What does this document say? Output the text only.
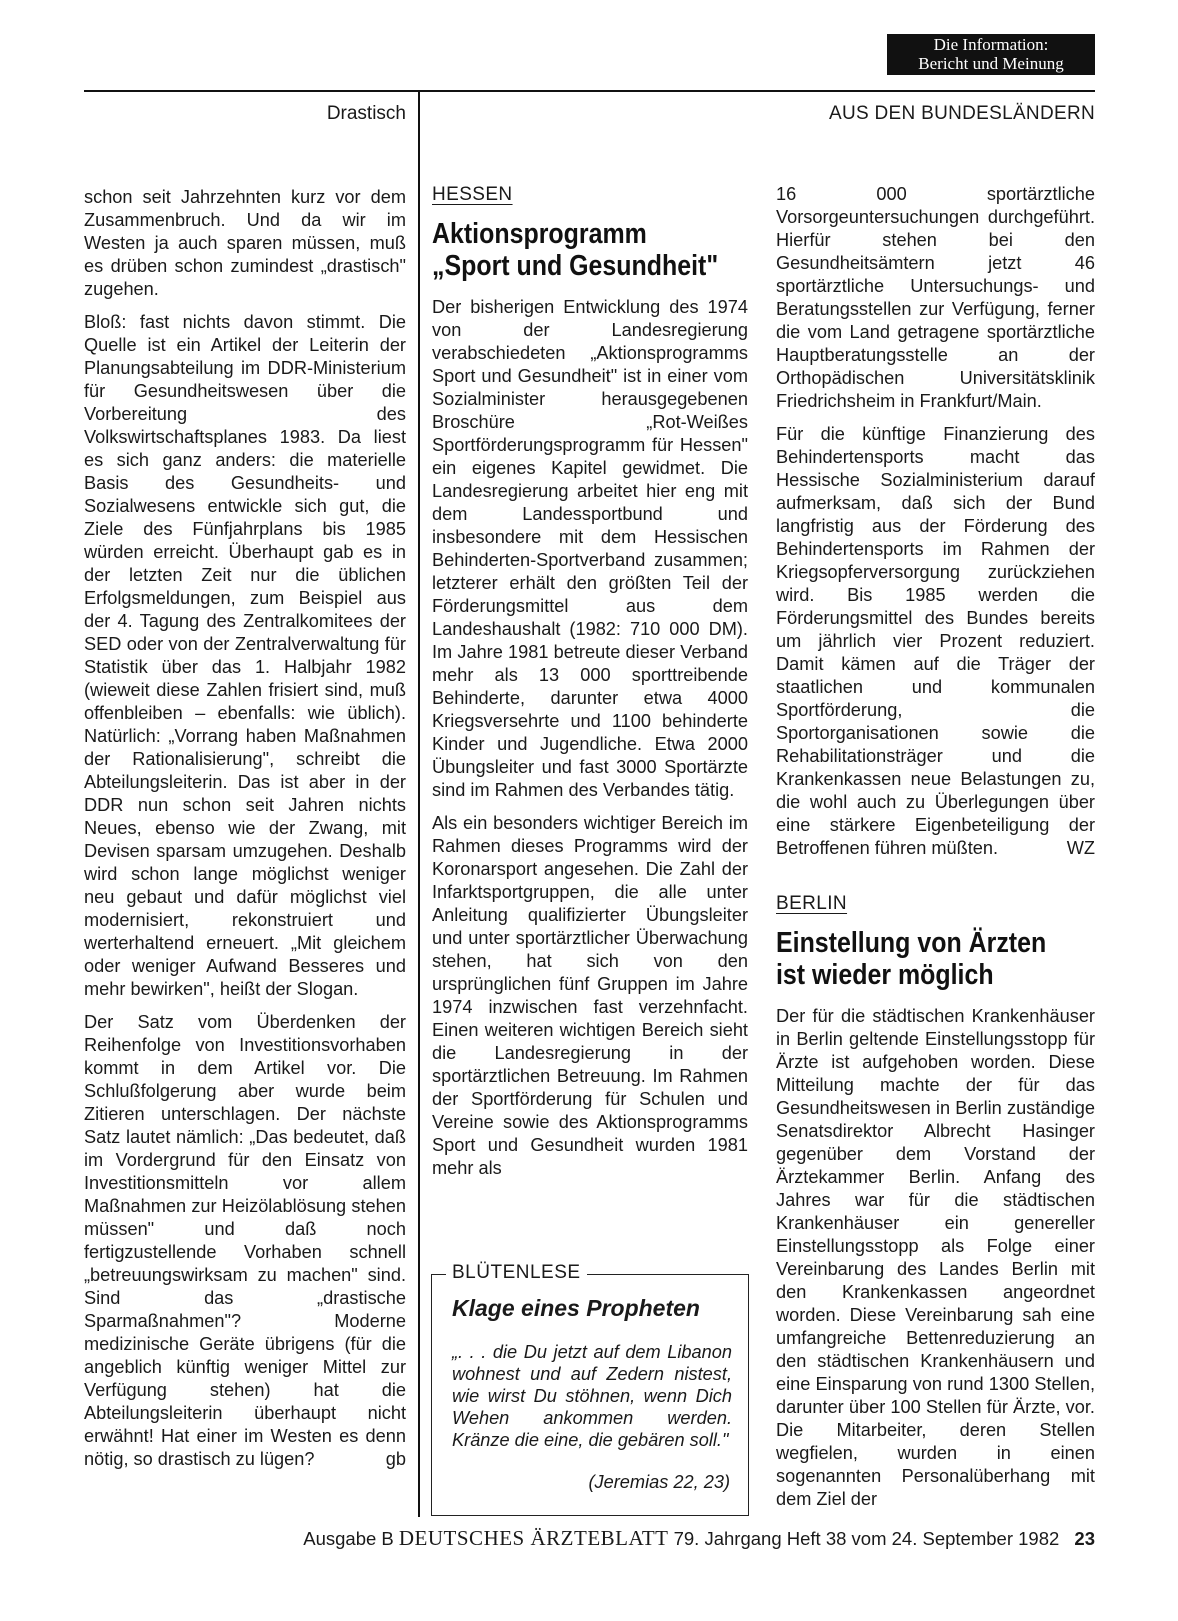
Die Information:
Bericht und Meinung
Drastisch	AUS DEN BUNDESLÄNDERN

schon seit Jahrzehnten kurz vor dem Zusammenbruch. Und da wir im Westen ja auch sparen müssen, muß es drüben schon zumindest „drastisch" zugehen.

Bloß: fast nichts davon stimmt. Die Quelle ist ein Artikel der Leiterin der Planungsabteilung im DDR-Ministerium für Gesundheitswesen über die Vorbereitung des Volkswirtschaftsplanes 1983. Da liest es sich ganz anders: die materielle Basis des Gesundheits- und Sozialwesens entwickle sich gut, die Ziele des Fünfjahrplans bis 1985 würden erreicht. Überhaupt gab es in der letzten Zeit nur die üblichen Erfolgsmeldungen, zum Beispiel aus der 4. Tagung des Zentralkomitees der SED oder von der Zentralverwaltung für Statistik über das 1. Halbjahr 1982 (wieweit diese Zahlen frisiert sind, muß offenbleiben – ebenfalls: wie üblich). Natürlich: „Vorrang haben Maßnahmen der Rationalisierung", schreibt die Abteilungsleiterin. Das ist aber in der DDR nun schon seit Jahren nichts Neues, ebenso wie der Zwang, mit Devisen sparsam umzugehen. Deshalb wird schon lange möglichst weniger neu gebaut und dafür möglichst viel modernisiert, rekonstruiert und werterhaltend erneuert. „Mit gleichem oder weniger Aufwand Besseres und mehr bewirken", heißt der Slogan.

Der Satz vom Überdenken der Reihenfolge von Investitionsvorhaben kommt in dem Artikel vor. Die Schlußfolgerung aber wurde beim Zitieren unterschlagen. Der nächste Satz lautet nämlich: „Das bedeutet, daß im Vordergrund für den Einsatz von Investitionsmitteln vor allem Maßnahmen zur Heizölablösung stehen müssen" und daß noch fertigzustellende Vorhaben schnell „betreuungswirksam zu machen" sind. Sind das „drastische Sparmaßnahmen"? Moderne medizinische Geräte übrigens (für die angeblich künftig weniger Mittel zur Verfügung stehen) hat die Abteilungsleiterin überhaupt nicht erwähnt! Hat einer im Westen es denn nötig, so drastisch zu lügen?	gb

HESSEN
Aktionsprogramm
„Sport und Gesundheit"

Der bisherigen Entwicklung des 1974 von der Landesregierung verabschiedeten „Aktionsprogramms Sport und Gesundheit" ist in einer vom Sozialminister herausgegebenen Broschüre „Rot-Weißes Sportförderungsprogramm für Hessen" ein eigenes Kapitel gewidmet. Die Landesregierung arbeitet hier eng mit dem Landessportbund und insbesondere mit dem Hessischen Behinderten-Sportverband zusammen; letzterer erhält den größten Teil der Förderungsmittel aus dem Landeshaushalt (1982: 710 000 DM). Im Jahre 1981 betreute dieser Verband mehr als 13 000 sporttreibende Behinderte, darunter etwa 4000 Kriegsversehrte und 1100 behinderte Kinder und Jugendliche. Etwa 2000 Übungsleiter und fast 3000 Sportärzte sind im Rahmen des Verbandes tätig.

Als ein besonders wichtiger Bereich im Rahmen dieses Programms wird der Koronarsport angesehen. Die Zahl der Infarktsportgruppen, die alle unter Anleitung qualifizierter Übungsleiter und unter sportärztlicher Überwachung stehen, hat sich von den ursprünglichen fünf Gruppen im Jahre 1974 inzwischen fast verzehnfacht. Einen weiteren wichtigen Bereich sieht die Landesregierung in der sportärztlichen Betreuung. Im Rahmen der Sportförderung für Schulen und Vereine sowie des Aktionsprogramms Sport und Gesundheit wurden 1981 mehr als

BLÜTENLESE
Klage eines Propheten
„. . . die Du jetzt auf dem Libanon wohnest und auf Zedern nistest, wie wirst Du stöhnen, wenn Dich Wehen ankommen werden. Kränze die eine, die gebären soll."
(Jeremias 22, 23)

16 000 sportärztliche Vorsorgeuntersuchungen durchgeführt. Hierfür stehen bei den Gesundheitsämtern jetzt 46 sportärztliche Untersuchungs- und Beratungsstellen zur Verfügung, ferner die vom Land getragene sportärztliche Hauptberatungsstelle an der Orthopädischen Universitätsklinik Friedrichsheim in Frankfurt/Main.

Für die künftige Finanzierung des Behindertensports macht das Hessische Sozialministerium darauf aufmerksam, daß sich der Bund langfristig aus der Förderung des Behindertensports im Rahmen der Kriegsopferversorgung zurückziehen wird. Bis 1985 werden die Förderungsmittel des Bundes bereits um jährlich vier Prozent reduziert. Damit kämen auf die Träger der staatlichen und kommunalen Sportförderung, die Sportorganisationen sowie die Rehabilitationsträger und die Krankenkassen neue Belastungen zu, die wohl auch zu Überlegungen über eine stärkere Eigenbeteiligung der Betroffenen führen müßten.	WZ

BERLIN
Einstellung von Ärzten
ist wieder möglich

Der für die städtischen Krankenhäuser in Berlin geltende Einstellungsstopp für Ärzte ist aufgehoben worden. Diese Mitteilung machte der für das Gesundheitswesen in Berlin zuständige Senatsdirektor Albrecht Hasinger gegenüber dem Vorstand der Ärztekammer Berlin. Anfang des Jahres war für die städtischen Krankenhäuser ein genereller Einstellungsstopp als Folge einer Vereinbarung des Landes Berlin mit den Krankenkassen angeordnet worden. Diese Vereinbarung sah eine umfangreiche Bettenreduzierung an den städtischen Krankenhäusern und eine Einsparung von rund 1300 Stellen, darunter über 100 Stellen für Ärzte, vor. Die Mitarbeiter, deren Stellen wegfielen, wurden in einen sogenannten Personalüberhang mit dem Ziel der

Ausgabe B DEUTSCHES ÄRZTEBLATT 79. Jahrgang Heft 38 vom 24. September 1982 23
